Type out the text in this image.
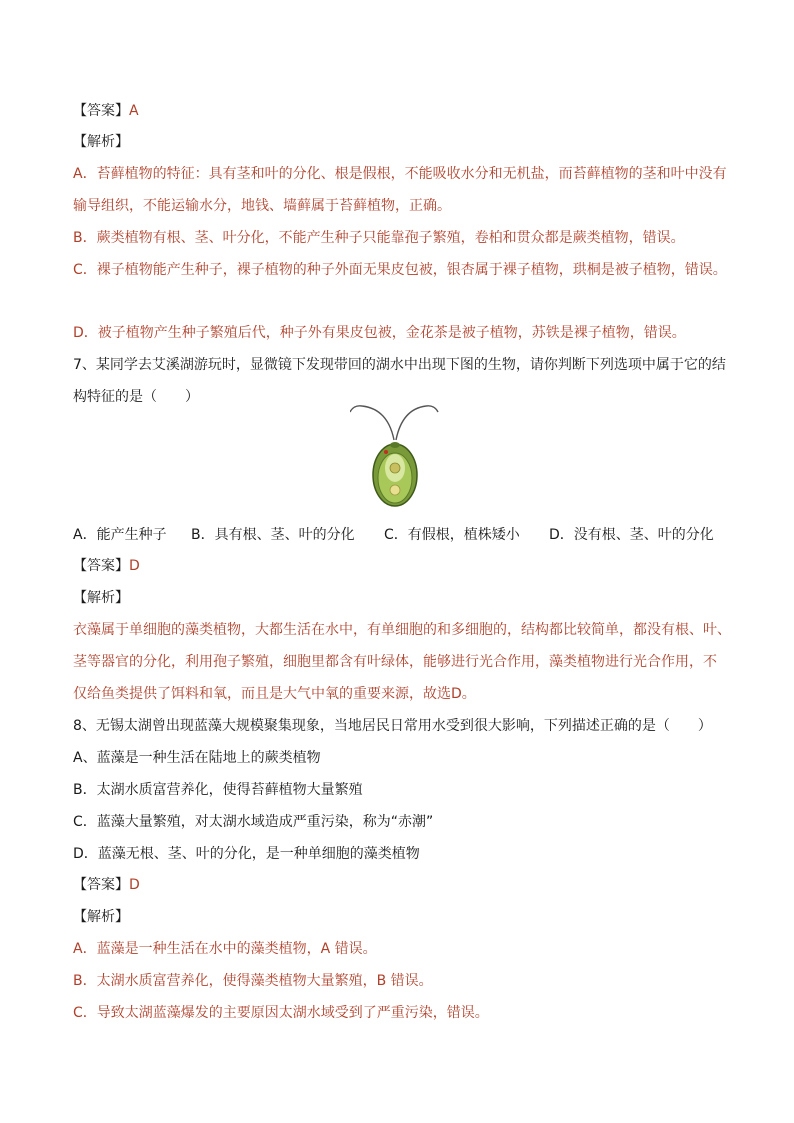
【答案】A
【解析】
A．苔藓植物的特征：具有茎和叶的分化、根是假根，不能吸收水分和无机盐，而苔藓植物的茎和叶中没有
输导组织，不能运输水分，地钱、墙藓属于苔藓植物，正确。
B．蕨类植物有根、茎、叶分化，不能产生种子只能靠孢子繁殖，卷柏和贯众都是蕨类植物，错误。
C．裸子植物能产生种子，裸子植物的种子外面无果皮包被，银杏属于裸子植物，珙桐是被子植物，错误。
D．被子植物产生种子繁殖后代，种子外有果皮包被，金花茶是被子植物，苏铁是裸子植物，错误。
7、某同学去艾溪湖游玩时，显微镜下发现带回的湖水中出现下图的生物，请你判断下列选项中属于它的结
构特征的是（　　）
A．能产生种子 B．具有根、茎、叶的分化 C．有假根，植株矮小 D．没有根、茎、叶的分化
【答案】D
【解析】
衣藻属于单细胞的藻类植物，大都生活在水中，有单细胞的和多细胞的，结构都比较简单，都没有根、叶、
茎等器官的分化，利用孢子繁殖，细胞里都含有叶绿体，能够进行光合作用，藻类植物进行光合作用，不
仅给鱼类提供了饵料和氧，而且是大气中氧的重要来源，故选D。
8、无锡太湖曾出现蓝藻大规模聚集现象，当地居民日常用水受到很大影响，下列描述正确的是（　　）
A、蓝藻是一种生活在陆地上的蕨类植物
B．太湖水质富营养化，使得苔藓植物大量繁殖
C．蓝藻大量繁殖，对太湖水域造成严重污染，称为“赤潮”
D．蓝藻无根、茎、叶的分化，是一种单细胞的藻类植物
【答案】D
【解析】
A．蓝藻是一种生活在水中的藻类植物，A 错误。
B．太湖水质富营养化，使得藻类植物大量繁殖，B 错误。
C．导致太湖蓝藻爆发的主要原因太湖水域受到了严重污染，错误。
